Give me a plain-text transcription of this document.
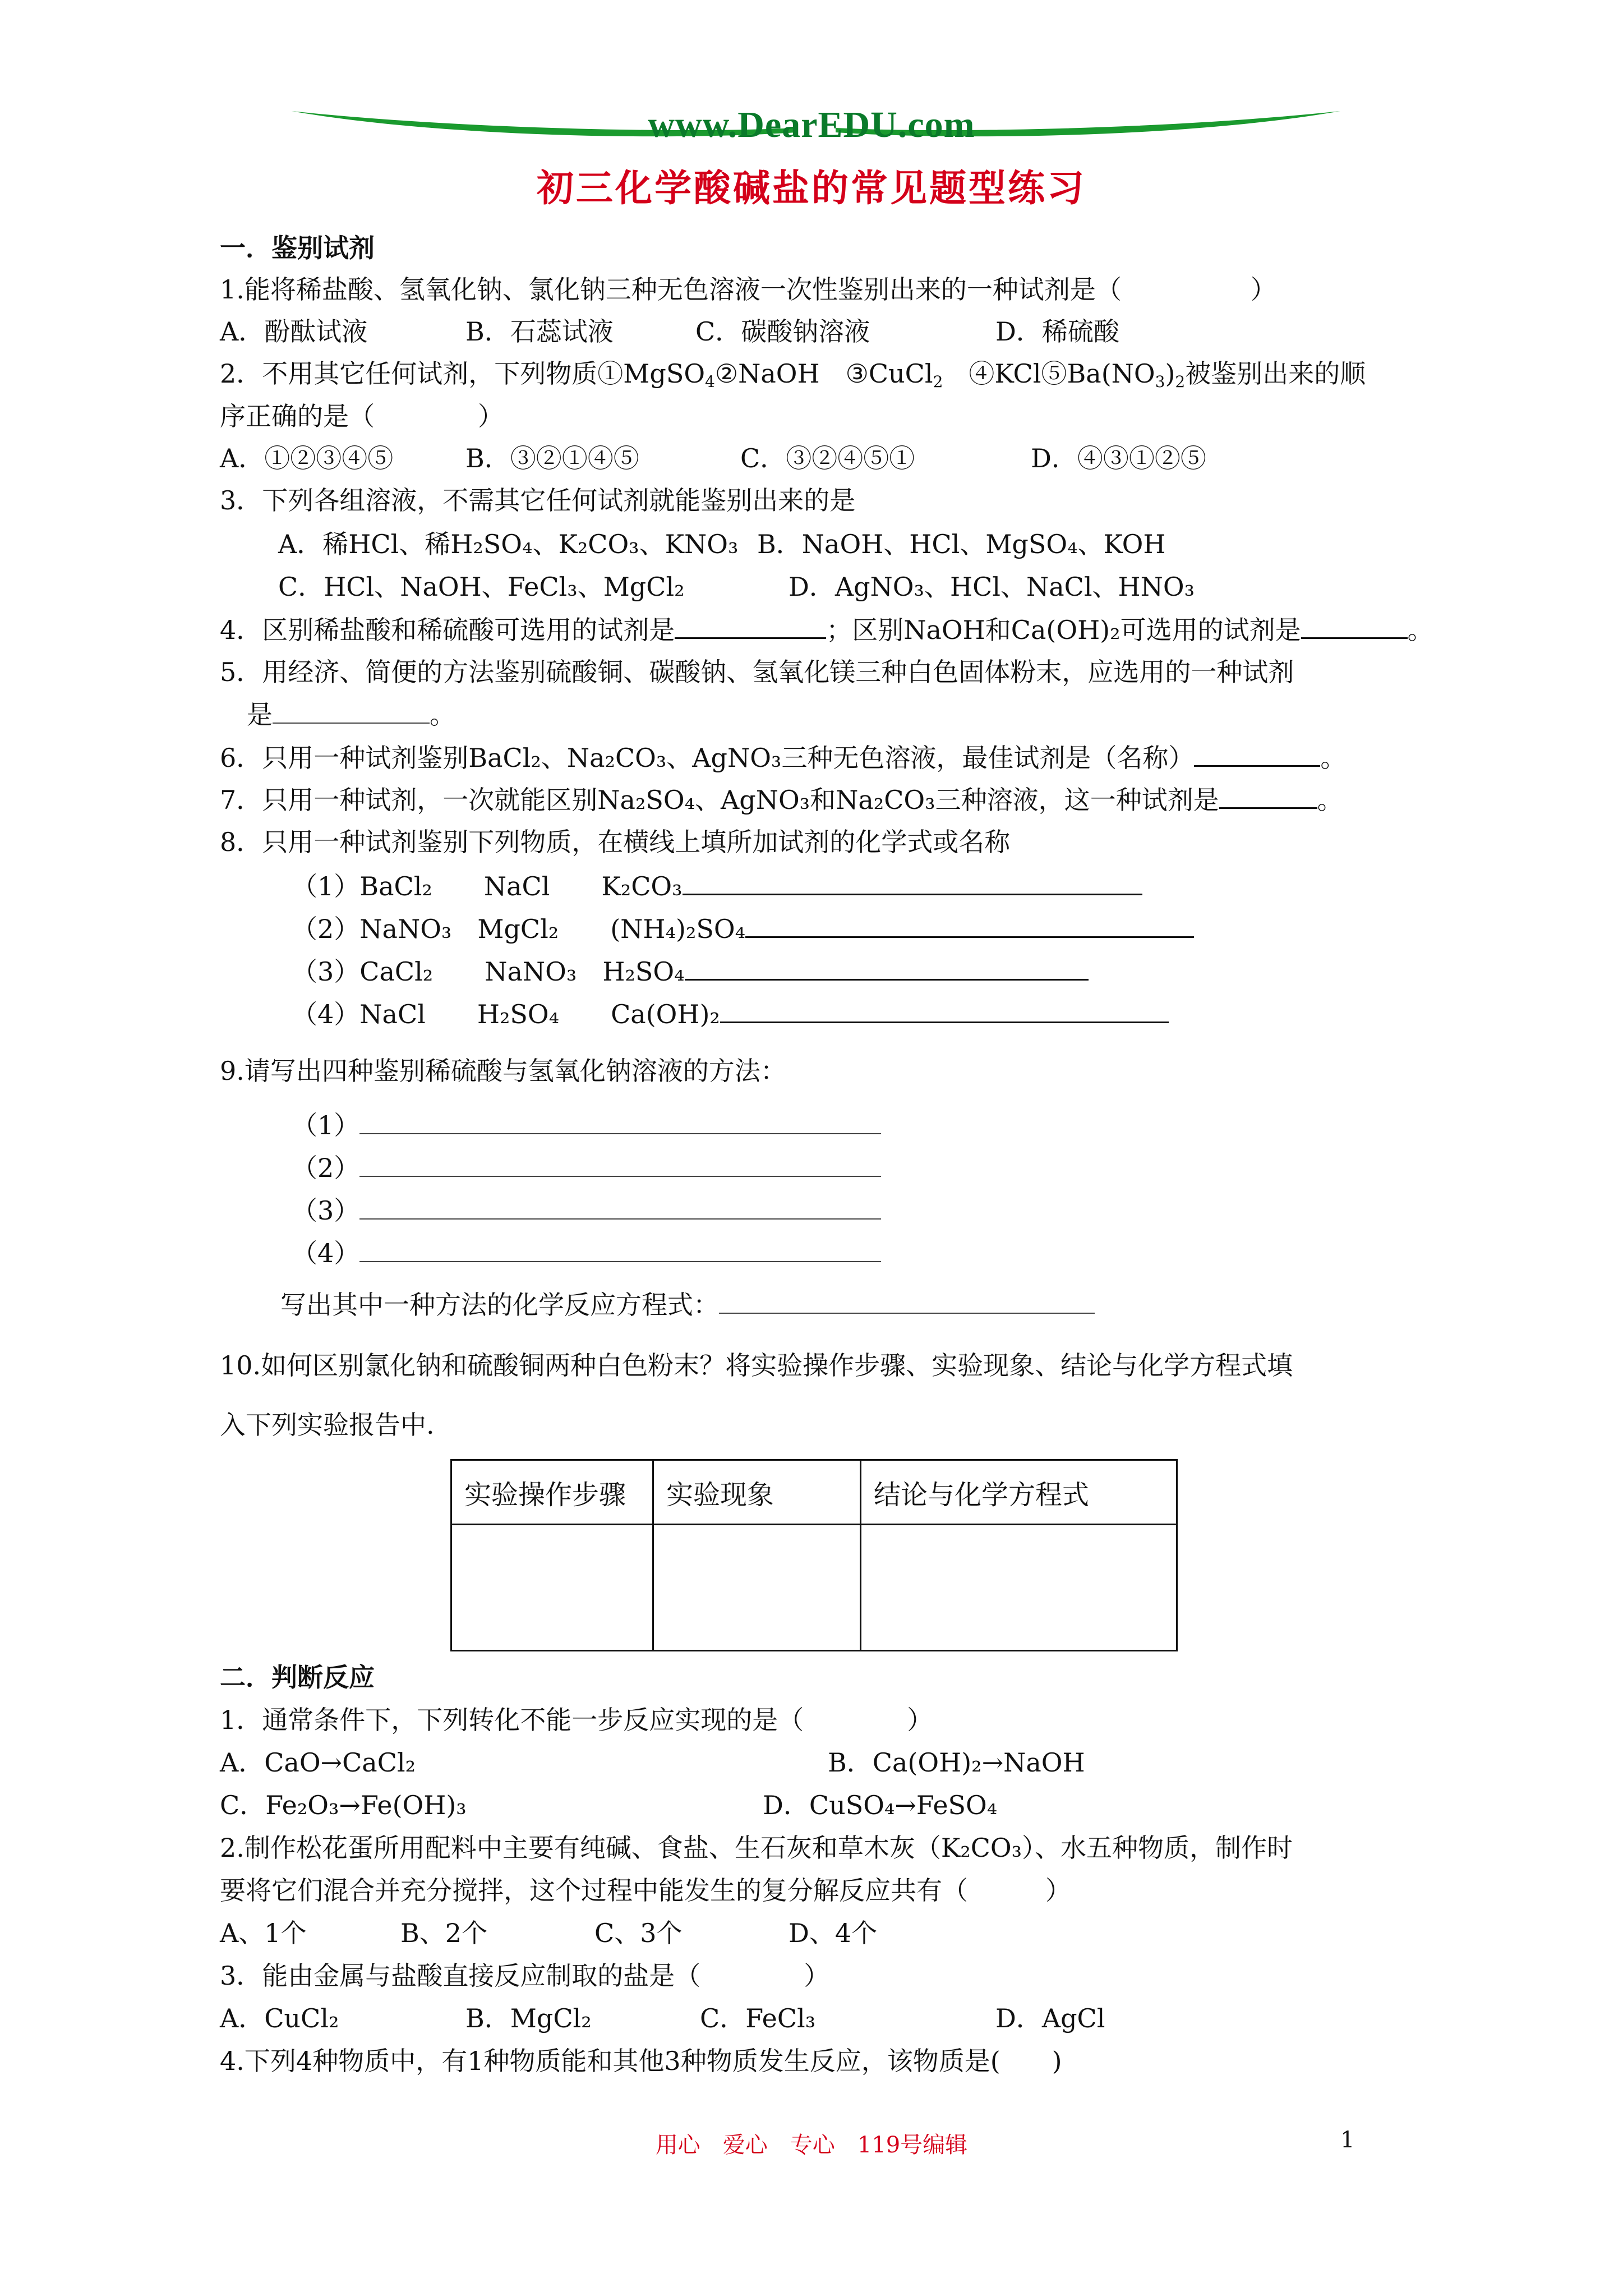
www.DearEDU.com
初三化学酸碱盐的常见题型练习
一．鉴别试剂
1.能将稀盐酸、氢氧化钠、氯化钠三种无色溶液一次性鉴别出来的一种试剂是（　　　　　）
A．酚酞试液	B．石蕊试液	C．碳酸钠溶液	D．稀硫酸
2．不用其它任何试剂，下列物质①MgSO$_4$②NaOH　③CuCl$_2$　$④KCl⑤Ba(NO_3)_2$被鉴别出来的顺
序正确的是（　　　　）
A．①②③④⑤	B．③②①④⑤	C．③②④⑤①	D．④③①②⑤
3．下列各组溶液，不需其它任何试剂就能鉴别出来的是
A．稀HCl、稀H₂SO₄、K₂CO₃、KNO₃ B．NaOH、HCl、MgSO₄、KOH
C．HCl、NaOH、FeCl₃、MgCl₂	D．AgNO₃、HCl、NaCl、HNO₃
4．区别稀盐酸和稀硫酸可选用的试剂是	；区别NaOH和Ca(OH)₂可选用的试剂是	。
5．用经济、简便的方法鉴别硫酸铜、碳酸钠、氢氧化镁三种白色固体粉末，应选用的一种试剂
是	。
6．只用一种试剂鉴别BaCl₂、Na₂CO₃、AgNO₃三种无色溶液，最佳试剂是（名称）	。
7．只用一种试剂，一次就能区别Na₂SO₄、AgNO₃和Na₂CO₃三种溶液，这一种试剂是	。
8．只用一种试剂鉴别下列物质，在横线上填所加试剂的化学式或名称
（1）BaCl₂　　NaCl　　K₂CO₃
（2）NaNO₃　MgCl₂　　(NH₄)₂SO₄
（3）CaCl₂　　NaNO₃　H₂SO₄
（4）NaCl　　H₂SO₄　　Ca(OH)₂
9.请写出四种鉴别稀硫酸与氢氧化钠溶液的方法：
（1）
（2）
（3）
（4）
写出其中一种方法的化学反应方程式：
10.如何区别氯化钠和硫酸铜两种白色粉末？将实验操作步骤、实验现象、结论与化学方程式填
入下列实验报告中.
实验操作步骤	实验现象	结论与化学方程式

二．判断反应
1．通常条件下，下列转化不能一步反应实现的是（　　　　）
A．CaO→CaCl₂	B．Ca(OH)₂→NaOH
C．Fe₂O₃→Fe(OH)₃	D．CuSO₄→FeSO₄
2.制作松花蛋所用配料中主要有纯碱、食盐、生石灰和草木灰（K₂CO₃）、水五种物质，制作时
要将它们混合并充分搅拌，这个过程中能发生的复分解反应共有（　　　）
A、1个	B、2个	C、3个	D、4个
3．能由金属与盐酸直接反应制取的盐是（　　　　）
A．CuCl₂	B．MgCl₂	C．FeCl₃	D．AgCl
4.下列4种物质中，有1种物质能和其他3种物质发生反应，该物质是(　　)
用心　爱心　专心　119号编辑	1
